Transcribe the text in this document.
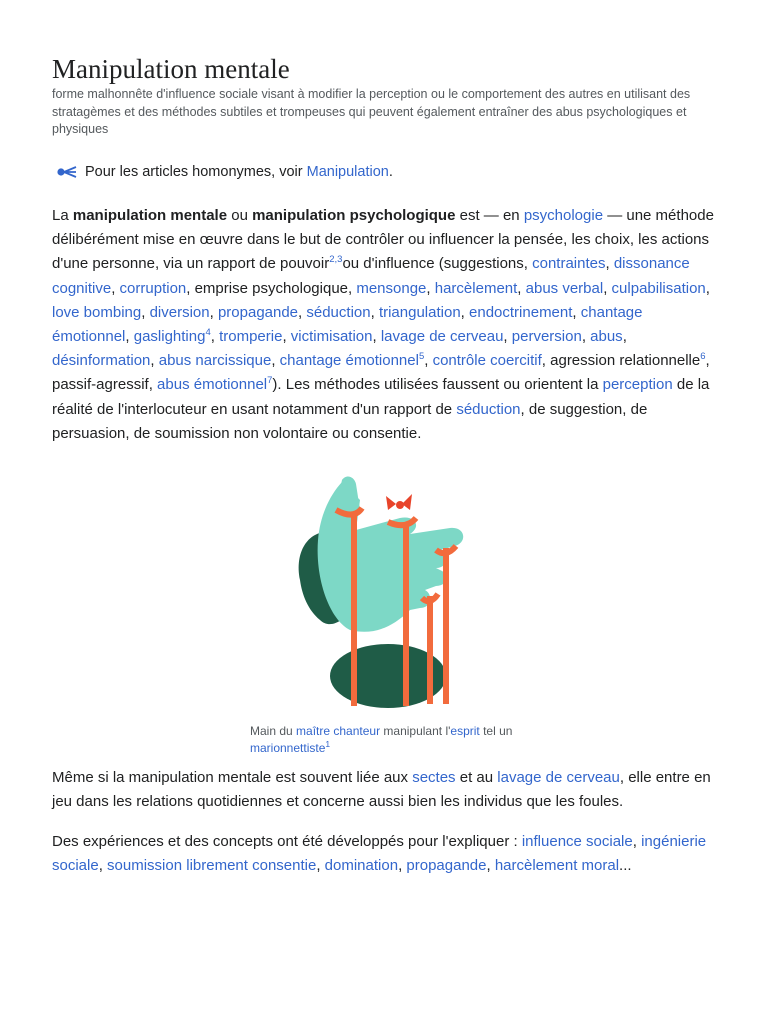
Manipulation mentale
forme malhonnête d'influence sociale visant à modifier la perception ou le comportement des autres en utilisant des stratagèmes et des méthodes subtiles et trompeuses qui peuvent également entraîner des abus psychologiques et physiques
Pour les articles homonymes, voir
Manipulation .
La manipulation mentale ou manipulation psychologique est — en psychologie — une méthode délibérément mise en œuvre dans le but de contrôler ou influencer la pensée, les choix, les actions d'une personne, via un rapport de pouvoir$^{2,3}$ou d'influence (suggestions, contraintes, dissonance cognitive, corruption, emprise psychologique, mensonge, harcèlement, abus verbal, culpabilisation, love bombing, diversion, propagande, séduction, triangulation, endoctrinement, chantage émotionnel, gaslighting$^4$, tromperie, victimisation, lavage de cerveau, perversion, abus, désinformation, abus narcissique, chantage émotionnel$^5$, contrôle coercitif, agression relationnelle$^6$, passif-agressif, abus émotionnel$^7$). Les méthodes utilisées faussent ou orientent la perception de la réalité de l'interlocuteur en usant notamment d'un rapport de séduction, de suggestion, de persuasion, de soumission non volontaire ou consentie.
Main du maître chanteur manipulant l'esprit tel un marionnettiste$^1$
Même si la manipulation mentale est souvent liée aux sectes et au lavage de cerveau, elle entre en jeu dans les relations quotidiennes et concerne aussi bien les individus que les foules.
Des expériences et des concepts ont été développés pour l'expliquer : influence sociale, ingénierie sociale, soumission librement consentie, domination, propagande, harcèlement moral...
